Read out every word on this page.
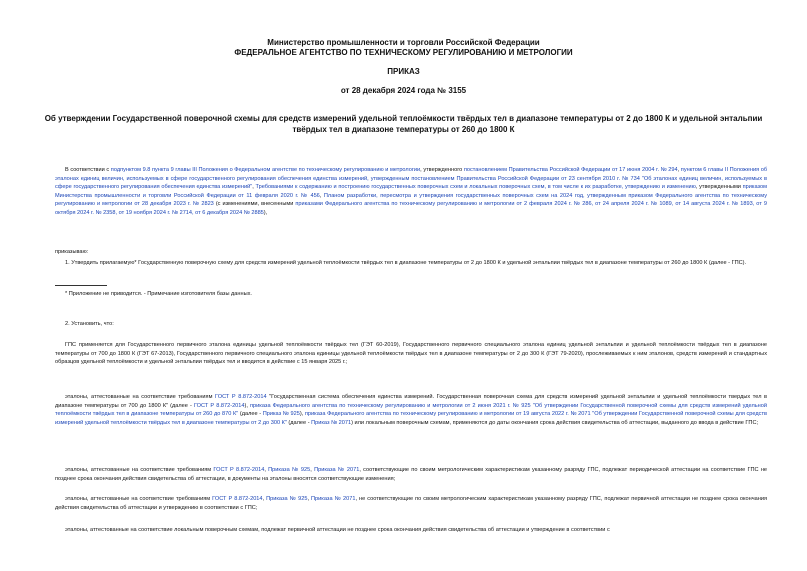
Министерство промышленности и торговли Российской Федерации
ФЕДЕРАЛЬНОЕ АГЕНТСТВО ПО ТЕХНИЧЕСКОМУ РЕГУЛИРОВАНИЮ И МЕТРОЛОГИИ
ПРИКАЗ
от 28 декабря 2024 года № 3155
Об утверждении Государственной поверочной схемы для средств измерений удельной теплоёмкости твёрдых тел в диапазоне температуры от 2 до 1800 К и удельной энтальпии твёрдых тел в диапазоне температуры от 260 до 1800 К
В соответствии с подпунктом 9.8 пункта 9 главы III Положения о Федеральном агентстве по техническому регулированию и метрологии, утвержденного постановлением Правительства Российской Федерации от 17 июня 2004 г. № 294, пунктом 6 главы II Положения об эталонах единиц величин, используемых в сфере государственного регулирования обеспечения единства измерений, утвержденным постановлением Правительства Российской Федерации от 23 сентября 2010 г. № 734 "Об эталонах единиц величин, используемых в сфере государственного регулирования обеспечения единства измерений", Требованиями к содержанию и построению государственных поверочных схем и локальных поверочных схем, в том числе к их разработке, утверждению и изменению, утвержденными приказом Министерства промышленности и торговли Российской Федерации от 11 февраля 2020 г. № 456, Планом разработки, пересмотра и утверждения государственных поверочных схем на 2024 год, утвержденным приказом Федерального агентства по техническому регулированию и метрологии от 28 декабря 2023 г. № 2823 (с изменениями, внесенными приказами Федерального агентства по техническому регулированию и метрологии от 2 февраля 2024 г. № 286, от 24 апреля 2024 г. № 1089, от 14 августа 2024 г. № 1893, от 9 октября 2024 г. № 2358, от 19 ноября 2024 г. № 2714, от 6 декабря 2024 № 2885),
приказываю:
1. Утвердить прилагаемую* Государственную поверочную схему для средств измерений удельной теплоёмкости твёрдых тел в диапазоне температуры от 2 до 1800 К и удельной энтальпии твёрдых тел в диапазоне температуры от 260 до 1800 К (далее - ГПС).
* Приложение не приводится. - Примечание изготовителя базы данных.
2. Установить, что:
ГПС применяется для Государственного первичного эталона единицы удельной теплоёмкости твёрдых тел (ГЭТ 60-2019), Государственного первичного специального эталона единиц удельной энтальпии и удельной теплоёмкости твёрдых тел в диапазоне температуры от 700 до 1800 К (ГЭТ 67-2013), Государственного первичного специального эталона единицы удельной теплоёмкости твёрдых тел в диапазоне температуры от 2 до 300 К (ГЭТ 79-2020), прослеживаемых к ним эталонов, средств измерений и стандартных образцов удельной теплоёмкости и удельной энтальпии твёрдых тел и вводится в действие с 15 января 2025 г.;
эталоны, аттестованные на соответствие требованиям ГОСТ Р 8.872-2014 "Государственная система обеспечения единства измерений. Государственная поверочная схема для средств измерений удельной энтальпии и удельной теплоёмкости твердых тел в диапазоне температуры от 700 до 1800 К" (далее - ГОСТ Р 8.872-2014), приказа Федерального агентства по техническому регулированию и метрологии от 2 июня 2021 г. № 925 "Об утверждении Государственной поверочной схемы для средств измерений удельной теплоёмкости твёрдых тел в диапазоне температуры от 260 до 870 К" (далее - Приказ № 925), приказа Федерального агентства по техническому регулированию и метрологии от 19 августа 2022 г. № 2071 "Об утверждении Государственной поверочной схемы для средств измерений удельной теплоёмкости твёрдых тел в диапазоне температуры от 2 до 300 К" (далее - Приказ № 2071) или локальным поверочным схемам, применяются до даты окончания срока действия свидетельства об аттестации, выданного до ввода в действие ГПС;
эталоны, аттестованные на соответствие требованиям ГОСТ Р 8.872-2014, Приказа № 925, Приказа № 2071, соответствующие по своим метрологическим характеристикам указанному разряду ГПС, подлежат периодической аттестации на соответствие ГПС не позднее срока окончания действия свидетельства об аттестации, в документы на эталоны вносятся соответствующие изменения;
эталоны, аттестованные на соответствие требованиям ГОСТ Р 8.872-2014, Приказа № 925, Приказа № 2071, не соответствующие по своим метрологическим характеристикам указанному разряду ГПС, подлежат первичной аттестации не позднее срока окончания действия свидетельства об аттестации и утверждению в соответствии с ГПС;
эталоны, аттестованные на соответствие локальным поверочным схемам, подлежат первичной аттестации не позднее срока окончания действия свидетельства об аттестации и утверждение в соответствии с
